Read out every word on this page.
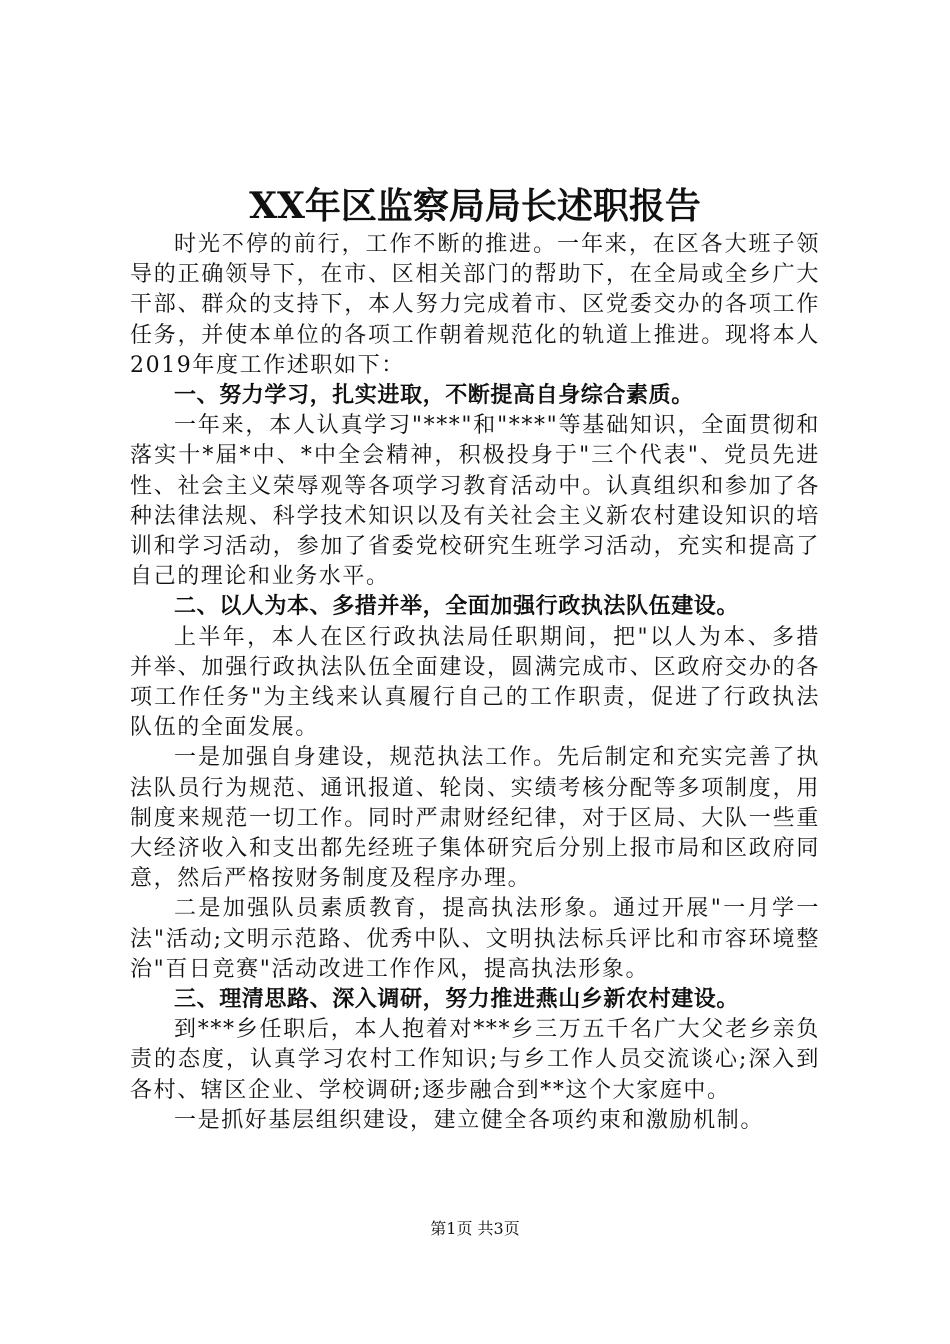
XX年区监察局局长述职报告

时光不停的前行，工作不断的推进。一年来，在区各大班子领导的正确领导下，在市、区相关部门的帮助下，在全局或全乡广大干部、群众的支持下，本人努力完成着市、区党委交办的各项工作任务，并使本单位的各项工作朝着规范化的轨道上推进。现将本人2019年度工作述职如下：

一、努力学习，扎实进取，不断提高自身综合素质。

一年来，本人认真学习"***"和"***"等基础知识，全面贯彻和落实十*届*中、*中全会精神，积极投身于"三个代表"、党员先进性、社会主义荣辱观等各项学习教育活动中。认真组织和参加了各种法律法规、科学技术知识以及有关社会主义新农村建设知识的培训和学习活动，参加了省委党校研究生班学习活动，充实和提高了自己的理论和业务水平。

二、以人为本、多措并举，全面加强行政执法队伍建设。

上半年，本人在区行政执法局任职期间，把"以人为本、多措并举、加强行政执法队伍全面建设，圆满完成市、区政府交办的各项工作任务"为主线来认真履行自己的工作职责，促进了行政执法队伍的全面发展。

一是加强自身建设，规范执法工作。先后制定和充实完善了执法队员行为规范、通讯报道、轮岗、实绩考核分配等多项制度，用制度来规范一切工作。同时严肃财经纪律，对于区局、大队一些重大经济收入和支出都先经班子集体研究后分别上报市局和区政府同意，然后严格按财务制度及程序办理。

二是加强队员素质教育，提高执法形象。通过开展"一月学一法"活动;文明示范路、优秀中队、文明执法标兵评比和市容环境整治"百日竞赛"活动改进工作作风，提高执法形象。

三、理清思路、深入调研，努力推进燕山乡新农村建设。

到***乡任职后，本人抱着对***乡三万五千名广大父老乡亲负责的态度，认真学习农村工作知识;与乡工作人员交流谈心;深入到各村、辖区企业、学校调研;逐步融合到**这个大家庭中。

一是抓好基层组织建设，建立健全各项约束和激励机制。

第1页 共3页
